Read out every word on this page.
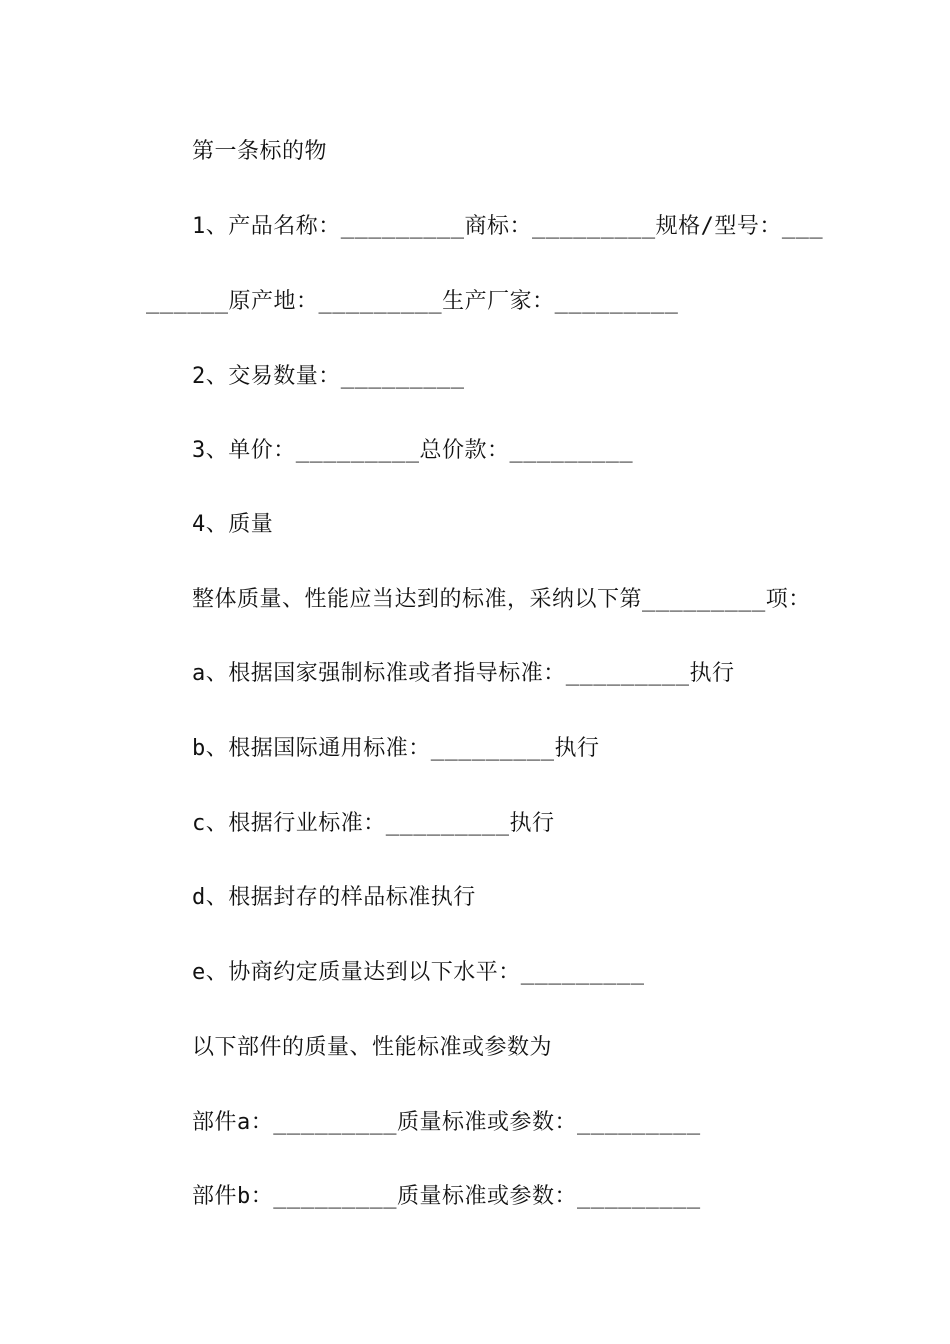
第一条标的物
1、产品名称：_________商标：_________规格/型号：___
______原产地：_________生产厂家：_________
2、交易数量：_________
3、单价：_________总价款：_________
4、质量
整体质量、性能应当达到的标准，采纳以下第_________项：
a、根据国家强制标准或者指导标准：_________执行
b、根据国际通用标准：_________执行
c、根据行业标准：_________执行
d、根据封存的样品标准执行
e、协商约定质量达到以下水平：_________
以下部件的质量、性能标准或参数为
部件a：_________质量标准或参数：_________
部件b：_________质量标准或参数：_________
